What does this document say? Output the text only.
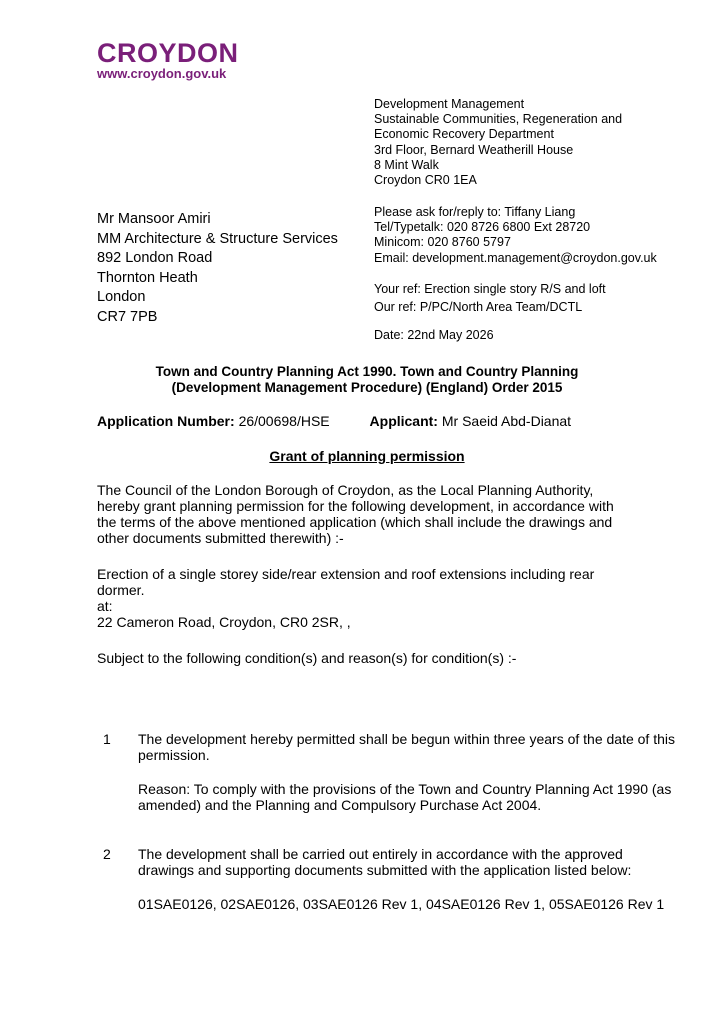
CROYDON
www.croydon.gov.uk
Development Management
Sustainable Communities, Regeneration and
Economic Recovery Department
3rd Floor, Bernard Weatherill House
8 Mint Walk
Croydon CR0 1EA
Please ask for/reply to: Tiffany Liang
Tel/Typetalk: 020 8726 6800 Ext 28720
Minicom: 020 8760 5797
Email: development.management@croydon.gov.uk
Your ref: Erection single story R/S and loft
Our ref: P/PC/North Area Team/DCTL
Date: 22nd May 2026
Mr Mansoor Amiri
MM Architecture & Structure Services
892 London Road
Thornton Heath
London
CR7 7PB
Town and Country Planning Act 1990. Town and Country Planning
(Development Management Procedure) (England) Order 2015
Application Number: 26/00698/HSE	Applicant: Mr Saeid Abd-Dianat
Grant of planning permission
The Council of the London Borough of Croydon, as the Local Planning Authority,
hereby grant planning permission for the following development, in accordance with
the terms of the above mentioned application (which shall include the drawings and
other documents submitted therewith) :-
Erection of a single storey side/rear extension and roof extensions including rear
dormer.
at:
22 Cameron Road, Croydon, CR0 2SR, ,
Subject to the following condition(s) and reason(s) for condition(s) :-
1 The development hereby permitted shall be begun within three years of the date of this
permission.
Reason: To comply with the provisions of the Town and Country Planning Act 1990 (as
amended) and the Planning and Compulsory Purchase Act 2004.
2 The development shall be carried out entirely in accordance with the approved
drawings and supporting documents submitted with the application listed below:
01SAE0126, 02SAE0126, 03SAE0126 Rev 1, 04SAE0126 Rev 1, 05SAE0126 Rev 1
